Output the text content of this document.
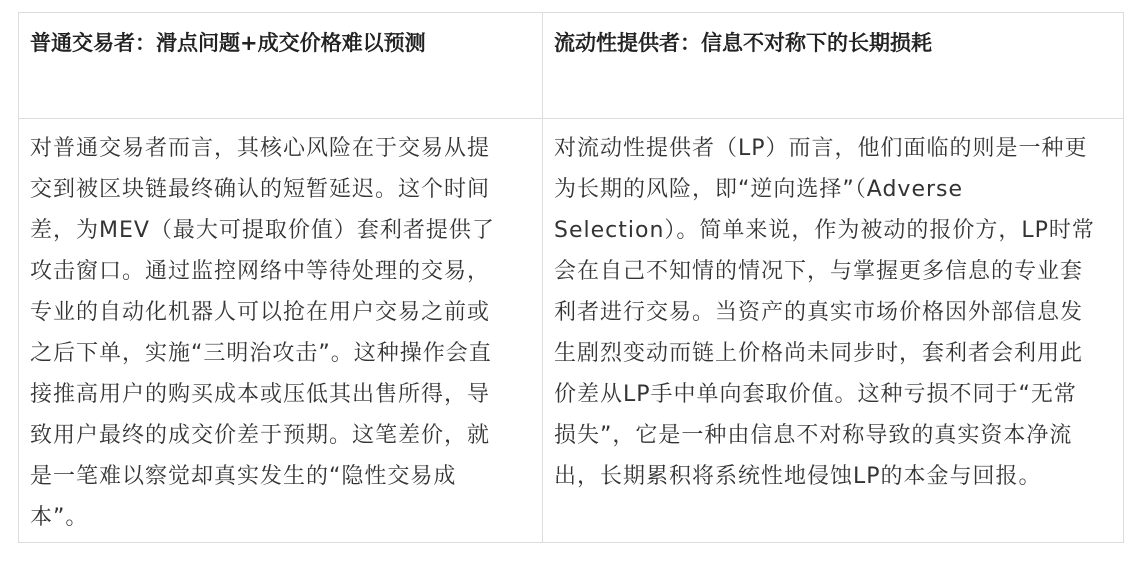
普通交易者：滑点问题+成交价格难以预测	流动性提供者：信息不对称下的长期损耗
对普通交易者而言，其核心风险在于交易从提
交到被区块链最终确认的短暂延迟。这个时间
差，为MEV（最大可提取价值）套利者提供了
攻击窗口。通过监控网络中等待处理的交易，
专业的自动化机器人可以抢在用户交易之前或
之后下单，实施“三明治攻击”。这种操作会直
接推高用户的购买成本或压低其出售所得，导
致用户最终的成交价差于预期。这笔差价，就
是一笔难以察觉却真实发生的“隐性交易成
本”。
对流动性提供者（LP）而言，他们面临的则是一种更
为长期的风险，即“逆向选择”（Adverse
Selection）。简单来说，作为被动的报价方，LP时常
会在自己不知情的情况下，与掌握更多信息的专业套
利者进行交易。当资产的真实市场价格因外部信息发
生剧烈变动而链上价格尚未同步时，套利者会利用此
价差从LP手中单向套取价值。这种亏损不同于“无常
损失”，它是一种由信息不对称导致的真实资本净流
出，长期累积将系统性地侵蚀LP的本金与回报。
